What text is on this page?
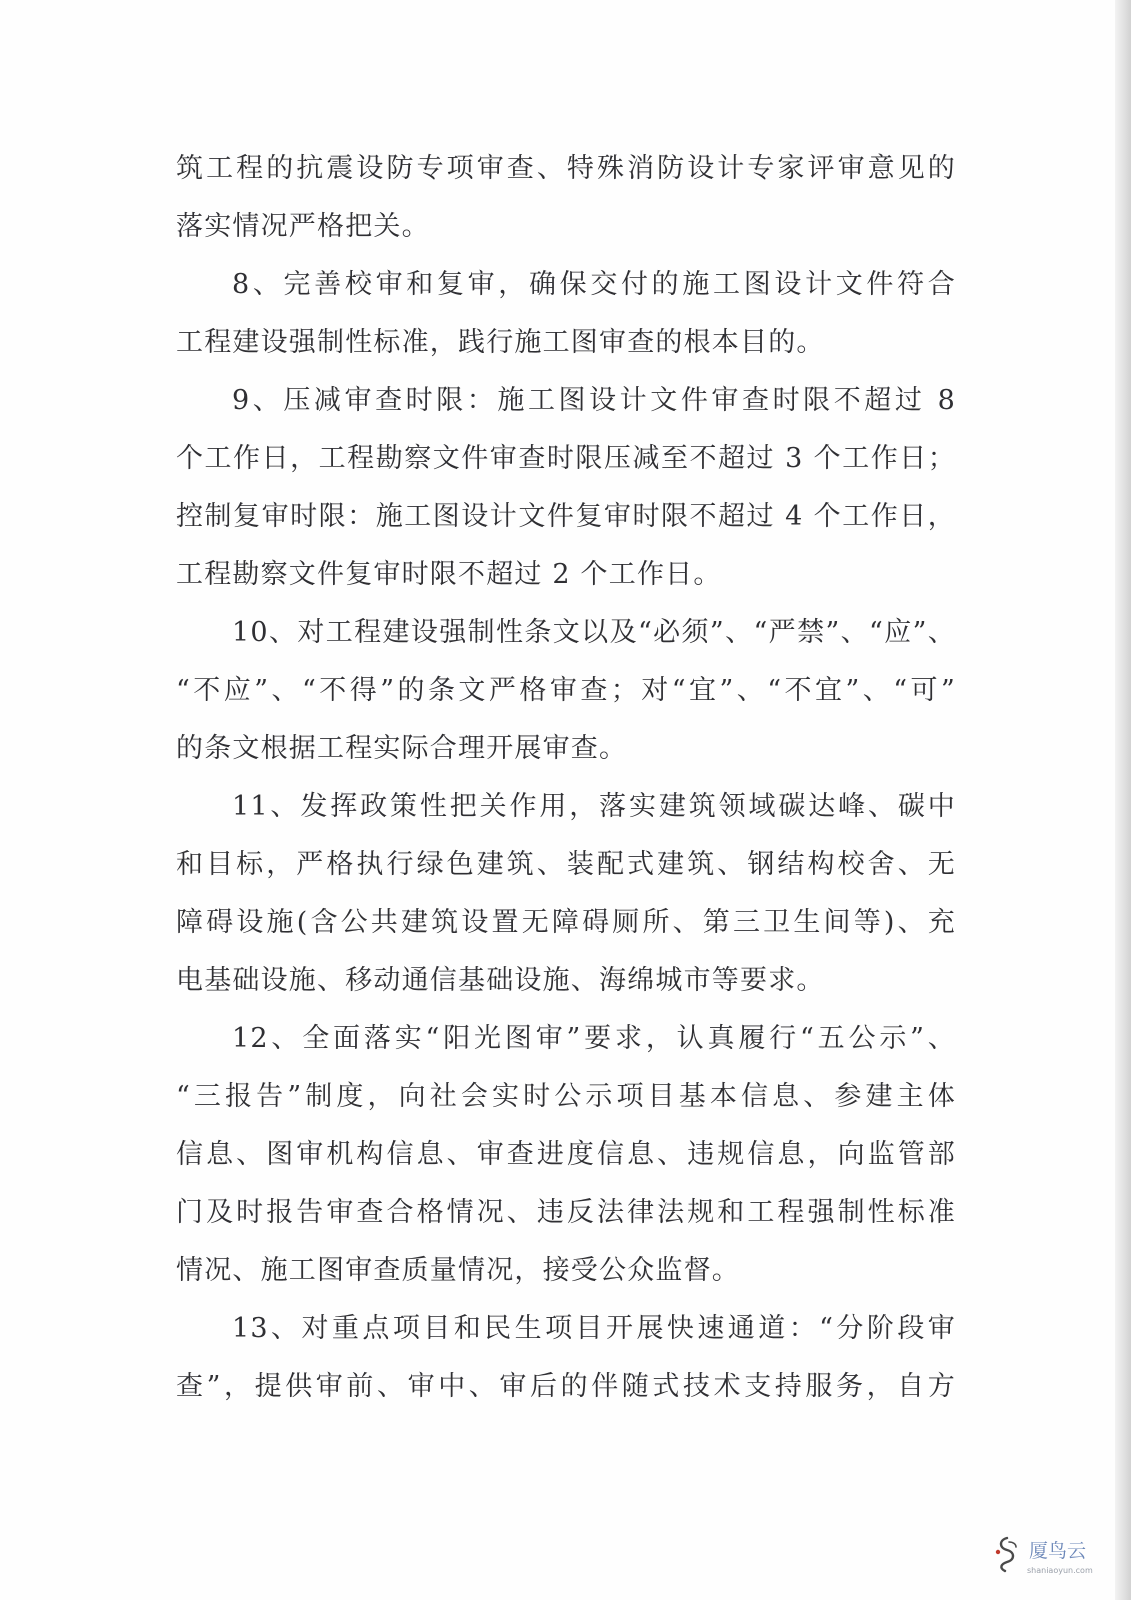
筑工程的抗震设防专项审查、特殊消防设计专家评审意见的
落实情况严格把关。
8、完善校审和复审，确保交付的施工图设计文件符合
工程建设强制性标准，践行施工图审查的根本目的。
9、压减审查时限：施工图设计文件审查时限不超过 8
个工作日，工程勘察文件审查时限压减至不超过 3 个工作日；
控制复审时限：施工图设计文件复审时限不超过 4 个工作日，
工程勘察文件复审时限不超过 2 个工作日。
10、对工程建设强制性条文以及“必须”、“严禁”、“应”、
“不应”、“不得”的条文严格审查；对“宜”、“不宜”、“可”
的条文根据工程实际合理开展审查。
11、发挥政策性把关作用，落实建筑领域碳达峰、碳中
和目标，严格执行绿色建筑、装配式建筑、钢结构校舍、无
障碍设施(含公共建筑设置无障碍厕所、第三卫生间等)、充
电基础设施、移动通信基础设施、海绵城市等要求。
12、全面落实“阳光图审”要求，认真履行“五公示”、
“三报告”制度，向社会实时公示项目基本信息、参建主体
信息、图审机构信息、审查进度信息、违规信息，向监管部
门及时报告审查合格情况、违反法律法规和工程强制性标准
情况、施工图审查质量情况，接受公众监督。
13、对重点项目和民生项目开展快速通道：“分阶段审
查”，提供审前、审中、审后的伴随式技术支持服务，自方
厦鸟云
shaniaoyun.com
